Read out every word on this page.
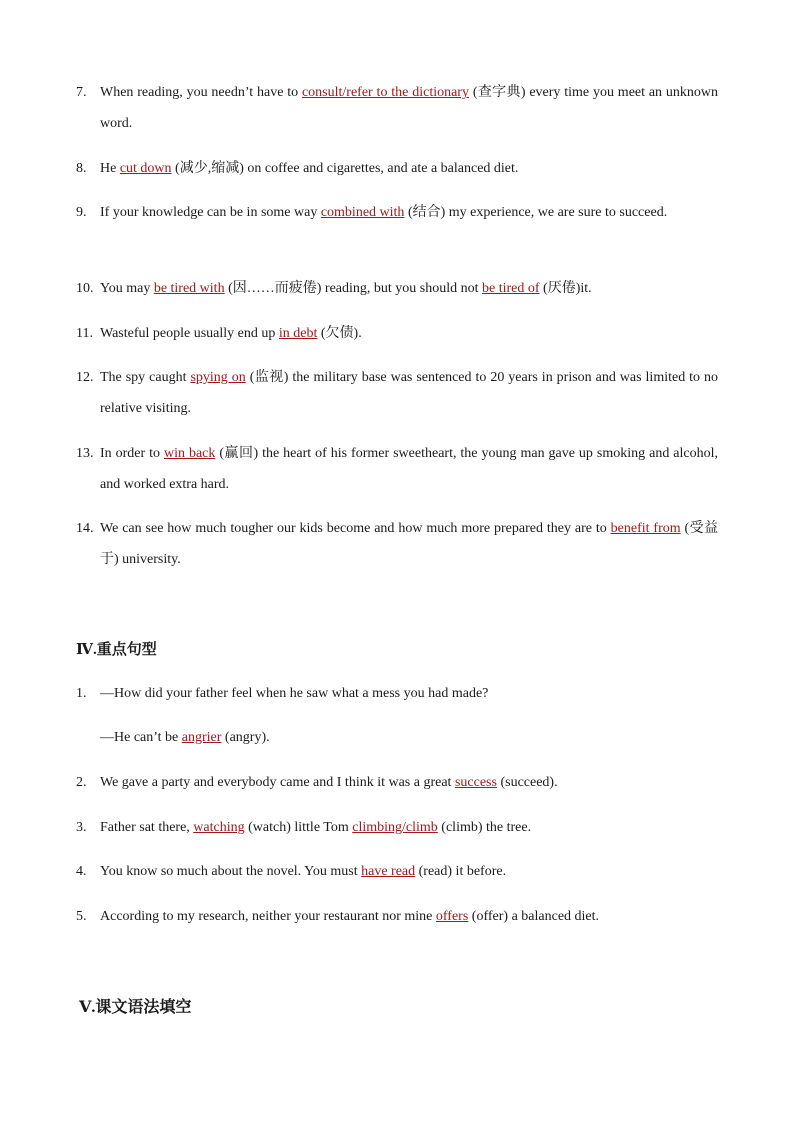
7. When reading, you needn’t have to consult/refer to the dictionary (查字典) every time you meet an unknown word.
8. He cut down (减少,缩减) on coffee and cigarettes, and ate a balanced diet.
9. If your knowledge can be in some way combined with (结合) my experience, we are sure to succeed.
10. You may be tired with (因……而疲倦) reading, but you should not be tired of (厌倦)it.
11. Wasteful people usually end up in debt (欠债).
12. The spy caught spying on (监视) the military base was sentenced to 20 years in prison and was limited to no relative visiting.
13. In order to win back (赢回) the heart of his former sweetheart, the young man gave up smoking and alcohol, and worked extra hard.
14. We can see how much tougher our kids become and how much more prepared they are to benefit from (受益于) university.
Ⅳ.重点句型
1. —How did your father feel when he saw what a mess you had made?
—He can’t be angrier (angry).
2. We gave a party and everybody came and I think it was a great success (succeed).
3. Father sat there, watching (watch) little Tom climbing/climb (climb) the tree.
4. You know so much about the novel. You must have read (read) it before.
5. According to my research, neither your restaurant nor mine offers (offer) a balanced diet.
Ⅴ.课文语法填空
